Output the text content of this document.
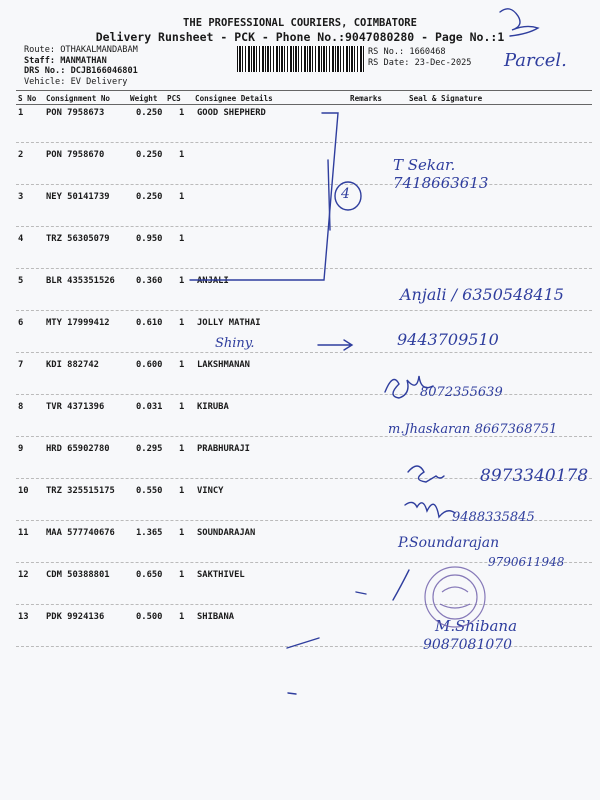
THE PROFESSIONAL COURIERS, COIMBATORE
Delivery Runsheet - PCK - Phone No.:9047080280 - Page No.:1
Route: OTHAKALMANDABAM
Staff: MANMATHAN
DRS No.: DCJB166046801
Vehicle: EV Delivery
RS No.: 1660468
RS Date: 23-Dec-2025
S No Consignment No	Weight PCS Consignee Details	Remarks	Seal & Signature
1	PON 7958673	0.250 1 GOOD SHEPHERD
2	PON 7958670	0.250 1
3	NEY 50141739	0.250 1
4	TRZ 56305079	0.950 1
5	BLR 435351526 0.360 1 ANJALI
6	MTY 17999412	0.610 1 JOLLY MATHAI
7	KDI 882742	0.600 1 LAKSHMANAN
8	TVR 4371396	0.031 1 KIRUBA
9	HRD 65902780	0.295 1 PRABHURAJI
10 TRZ 325515175 0.550 1 VINCY
11 MAA 577740676 1.365 1 SOUNDARAJAN
12 CDM 50388801	0.650 1 SAKTHIVEL
13 PDK 9924136	0.500 1 SHIBANA
Parcel.
T Sekar.
7418663613
4
Anjali / 6350548415
Shiny.	9443709510
8072355639
m.Jhaskaran 8667368751
8973340178
9488335845
P.Soundarajan
9790611948
M.Shibana
9087081070
